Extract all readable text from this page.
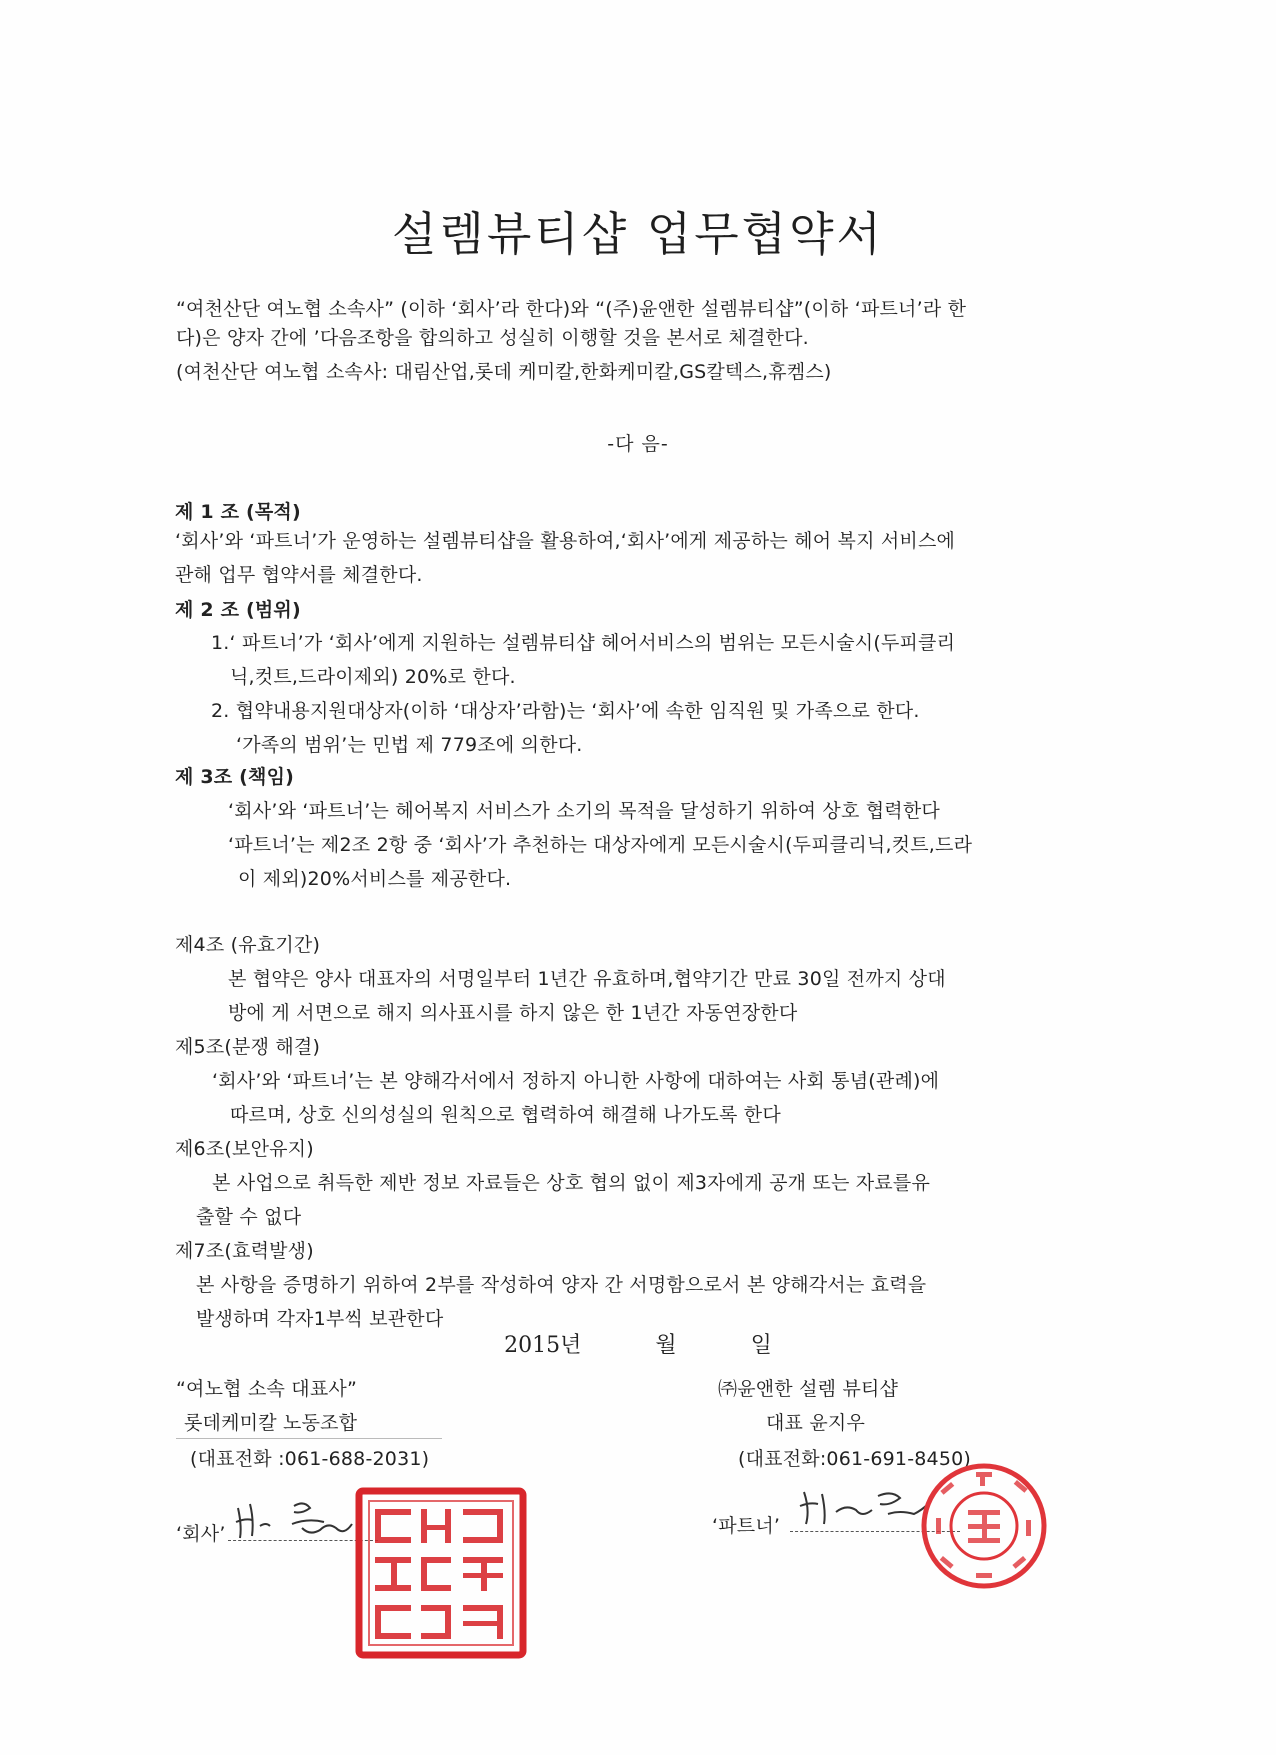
설렘뷰티샵 업무협약서
“여천산단 여노협 소속사” (이하 ‘회사’라 한다)와 “(주)윤앤한 설렘뷰티샵”(이하 ‘파트너’라 한
다)은 양자 간에 ’다음조항을 합의하고 성실히 이행할 것을 본서로 체결한다.
(여천산단 여노협 소속사: 대림산업,롯데 케미칼,한화케미칼,GS칼텍스,휴켐스)
-다 음-
제 1 조 (목적)
‘회사’와 ‘파트너’가 운영하는 설렘뷰티샵을 활용하여,‘회사’에게 제공하는 헤어 복지 서비스에
관해 업무 협약서를 체결한다.
제 2 조 (범위)
1.‘ 파트너’가 ‘회사’에게 지원하는 설렘뷰티샵 헤어서비스의 범위는 모든시술시(두피클리
닉,컷트,드라이제외) 20%로 한다.
2. 협약내용지원대상자(이하 ‘대상자’라함)는 ‘회사’에 속한 임직원 및 가족으로 한다.
‘가족의 범위’는 민법 제 779조에 의한다.
제 3조 (책임)
‘회사’와 ‘파트너’는 헤어복지 서비스가 소기의 목적을 달성하기 위하여 상호 협력한다
‘파트너’는 제2조 2항 중 ‘회사’가 추천하는 대상자에게 모든시술시(두피클리닉,컷트,드라
이 제외)20%서비스를 제공한다.
제4조 (유효기간)
본 협약은 양사 대표자의 서명일부터 1년간 유효하며,협약기간 만료 30일 전까지 상대
방에 게 서면으로 해지 의사표시를 하지 않은 한 1년간 자동연장한다
제5조(분쟁 해결)
‘회사’와 ‘파트너’는 본 양해각서에서 정하지 아니한 사항에 대하여는 사회 통념(관례)에
따르며, 상호 신의성실의 원칙으로 협력하여 해결해 나가도록 한다
제6조(보안유지)
본 사업으로 취득한 제반 정보 자료들은 상호 협의 없이 제3자에게 공개 또는 자료를유
출할 수 없다
제7조(효력발생)
본 사항을 증명하기 위하여 2부를 작성하여 양자 간 서명함으로서 본 양해각서는 효력을
발생하며 각자1부씩 보관한다
2015년	월	일
“여노협 소속 대표사”
롯데케미칼 노동조합
(대표전화 :061-688-2031)
‘회사’
㈜윤앤한 설렘 뷰티샵
대표 윤지우
(대표전화:061-691-8450)
‘파트너’
